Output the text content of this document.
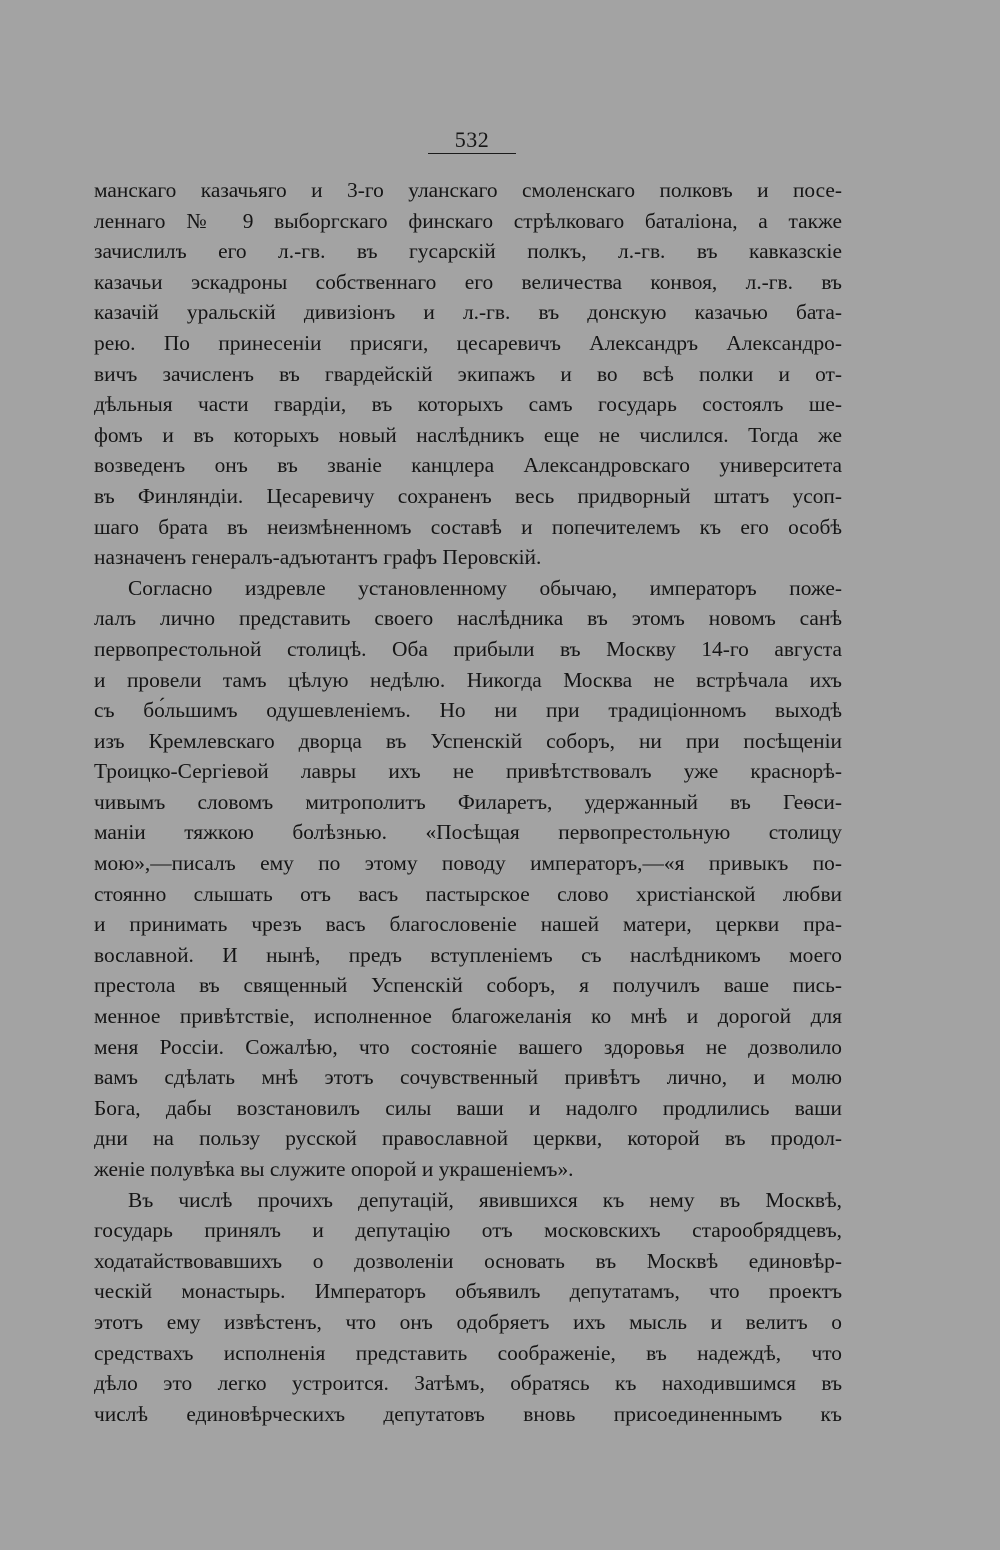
532
манскаго казачьяго и 3-го уланскаго смоленскаго полковъ и посе-
леннаго № 9 выборгскаго финскаго стрѣлковаго баталіона, а также
зачислилъ его л.-гв. въ гусарскій полкъ, л.-гв. въ кавказскіе
казачьи эскадроны собственнаго его величества конвоя, л.-гв. въ
казачій уральскій дивизіонъ и л.-гв. въ донскую казачью бата-
рею. По принесеніи присяги, цесаревичъ Александръ Александро-
вичъ зачисленъ въ гвардейскій экипажъ и во всѣ полки и от-
дѣльныя части гвардіи, въ которыхъ самъ государь состоялъ ше-
фомъ и въ которыхъ новый наслѣдникъ еще не числился. Тогда же
возведенъ онъ въ званіе канцлера Александровскаго университета
въ Финляндіи. Цесаревичу сохраненъ весь придворный штатъ усоп-
шаго брата въ неизмѣненномъ составѣ и попечителемъ къ его особѣ
назначенъ генералъ-адъютантъ графъ Перовскій.
Согласно издревле установленному обычаю, императоръ поже-
лалъ лично представить своего наслѣдника въ этомъ новомъ санѣ
первопрестольной столицѣ. Оба прибыли въ Москву 14-го августа
и провели тамъ цѣлую недѣлю. Никогда Москва не встрѣчала ихъ
съ бо́льшимъ одушевленіемъ. Но ни при традиціонномъ выходѣ
изъ Кремлевскаго дворца въ Успенскій соборъ, ни при посѣщеніи
Троицко-Сергіевой лавры ихъ не привѣтствовалъ уже краснорѣ-
чивымъ словомъ митрополитъ Филаретъ, удержанный въ Геѳси-
маніи тяжкою болѣзнью. «Посѣщая первопрестольную столицу
мою»,—писалъ ему по этому поводу императоръ,—«я привыкъ по-
стоянно слышать отъ васъ пастырское слово христіанской любви
и принимать чрезъ васъ благословеніе нашей матери, церкви пра-
вославной. И нынѣ, предъ вступленіемъ съ наслѣдникомъ моего
престола въ священный Успенскій соборъ, я получилъ ваше пись-
менное привѣтствіе, исполненное благожеланія ко мнѣ и дорогой для
меня Россіи. Сожалѣю, что состояніе вашего здоровья не дозволило
вамъ сдѣлать мнѣ этотъ сочувственный привѣтъ лично, и молю
Бога, дабы возстановилъ силы ваши и надолго продлились ваши
дни на пользу русской православной церкви, которой въ продол-
женіе полувѣка вы служите опорой и украшеніемъ».
Въ числѣ прочихъ депутацій, явившихся къ нему въ Москвѣ,
государь принялъ и депутацію отъ московскихъ старообрядцевъ,
ходатайствовавшихъ о дозволеніи основать въ Москвѣ единовѣр-
ческій монастырь. Императоръ объявилъ депутатамъ, что проектъ
этотъ ему извѣстенъ, что онъ одобряетъ ихъ мысль и велитъ о
средствахъ исполненія представить соображеніе, въ надеждѣ, что
дѣло это легко устроится. Затѣмъ, обратясь къ находившимся въ
числѣ единовѣрческихъ депутатовъ вновь присоединеннымъ къ
